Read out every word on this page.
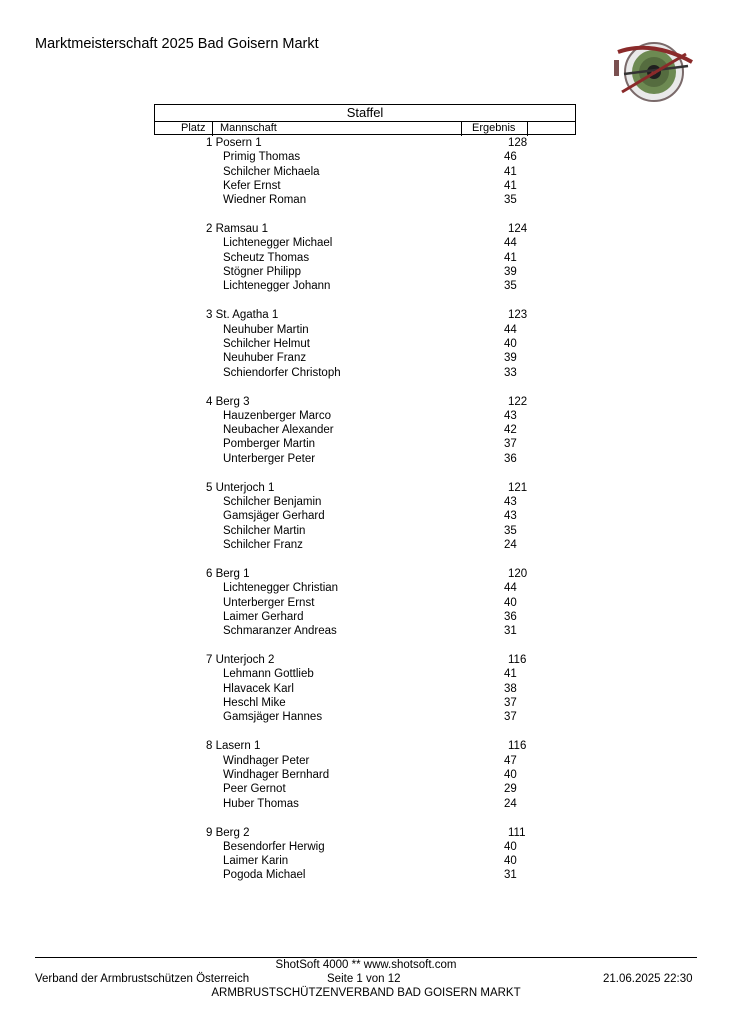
Marktmeisterschaft 2025 Bad Goisern Markt
Staffel
Platz Mannschaft	Ergebnis
1 Posern 1	128
Primig Thomas	46
Schilcher Michaela	41
Kefer Ernst	41
Wiedner Roman	35
2 Ramsau 1	124
Lichtenegger Michael	44
Scheutz Thomas	41
Stögner Philipp	39
Lichtenegger Johann	35
3 St. Agatha 1	123
Neuhuber Martin	44
Schilcher Helmut	40
Neuhuber Franz	39
Schiendorfer Christoph	33
4 Berg 3	122
Hauzenberger Marco	43
Neubacher Alexander	42
Pomberger Martin	37
Unterberger Peter	36
5 Unterjoch 1	121
Schilcher Benjamin	43
Gamsjäger Gerhard	43
Schilcher Martin	35
Schilcher Franz	24
6 Berg 1	120
Lichtenegger Christian	44
Unterberger Ernst	40
Laimer Gerhard	36
Schmaranzer Andreas	31
7 Unterjoch 2	116
Lehmann Gottlieb	41
Hlavacek Karl	38
Heschl Mike	37
Gamsjäger Hannes	37
8 Lasern 1	116
Windhager Peter	47
Windhager Bernhard	40
Peer Gernot	29
Huber Thomas	24
9 Berg 2	111
Besendorfer Herwig	40
Laimer Karin	40
Pogoda Michael	31
ShotSoft 4000 ** www.shotsoft.com
Verband der Armbrustschützen Österreich	Seite 1 von 12	21.06.2025 22:30
ARMBRUSTSCHÜTZENVERBAND BAD GOISERN MARKT
